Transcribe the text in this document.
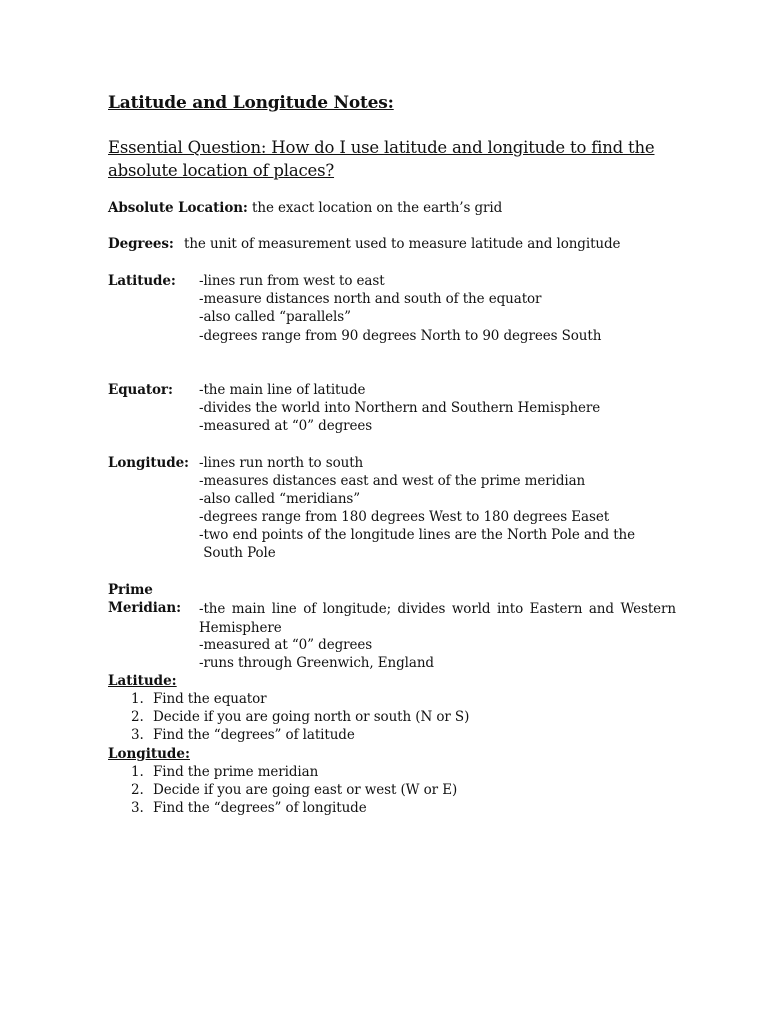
Latitude and Longitude Notes:

Essential Question: How do I use latitude and longitude to find the absolute location of places?

Absolute Location: the exact location on the earth’s grid
Degrees: the unit of measurement used to measure latitude and longitude
Latitude: -lines run from west to east
-measure distances north and south of the equator
-also called “parallels”
-degrees range from 90 degrees North to 90 degrees South
Equator: -the main line of latitude
-divides the world into Northern and Southern Hemisphere
-measured at “0” degrees
Longitude: -lines run north to south
-measures distances east and west of the prime meridian
-also called “meridians”
-degrees range from 180 degrees West to 180 degrees Easet
-two end points of the longitude lines are the North Pole and the
South Pole
Prime
Meridian: -the main line of longitude; divides world into Eastern and Western Hemisphere
-measured at “0” degrees
-runs through Greenwich, England
Latitude:
1. Find the equator
2. Decide if you are going north or south (N or S)
3. Find the “degrees” of latitude
Longitude:
1. Find the prime meridian
2. Decide if you are going east or west (W or E)
3. Find the “degrees” of longitude
